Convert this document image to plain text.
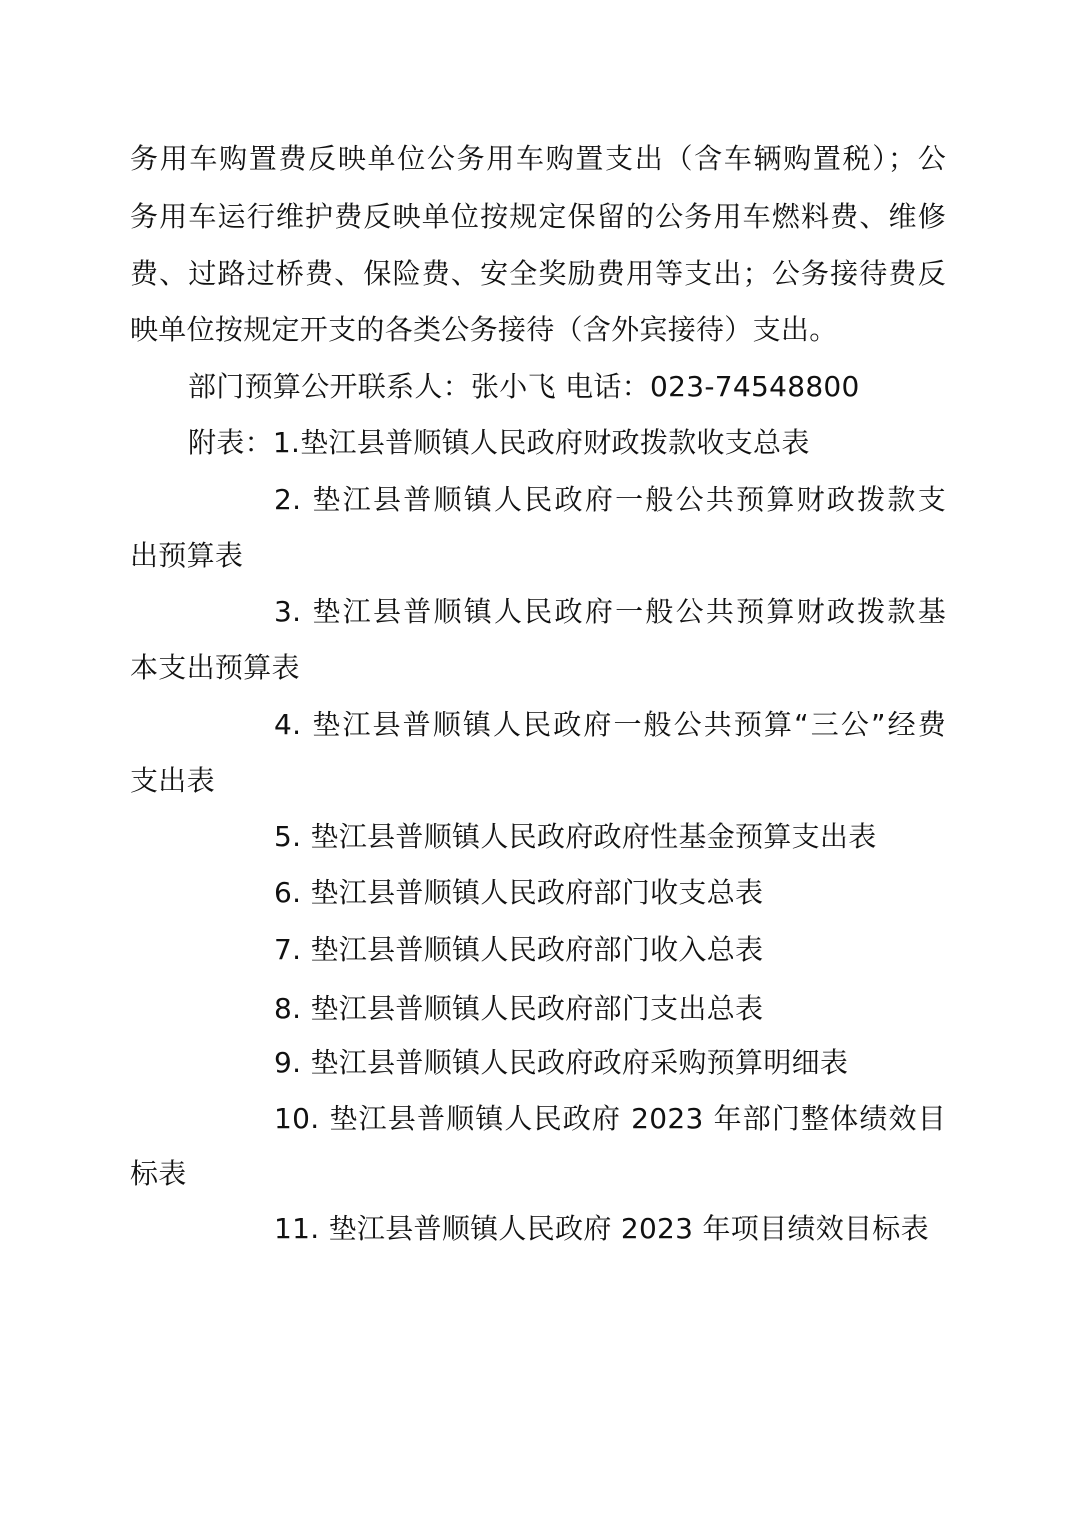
务用车购置费反映单位公务用车购置支出（含车辆购置税）；公
务用车运行维护费反映单位按规定保留的公务用车燃料费、维修
费、过路过桥费、保险费、安全奖励费用等支出；公务接待费反
映单位按规定开支的各类公务接待（含外宾接待）支出。
部门预算公开联系人：张小飞 电话：023-74548800
附表：1.垫江县普顺镇人民政府财政拨款收支总表
2. 垫江县普顺镇人民政府一般公共预算财政拨款支
出预算表
3. 垫江县普顺镇人民政府一般公共预算财政拨款基
本支出预算表
4. 垫江县普顺镇人民政府一般公共预算“三公”经费
支出表
5. 垫江县普顺镇人民政府政府性基金预算支出表
6. 垫江县普顺镇人民政府部门收支总表
7. 垫江县普顺镇人民政府部门收入总表
8. 垫江县普顺镇人民政府部门支出总表
9. 垫江县普顺镇人民政府政府采购预算明细表
10. 垫江县普顺镇人民政府 2023 年部门整体绩效目
标表
11. 垫江县普顺镇人民政府 2023 年项目绩效目标表
